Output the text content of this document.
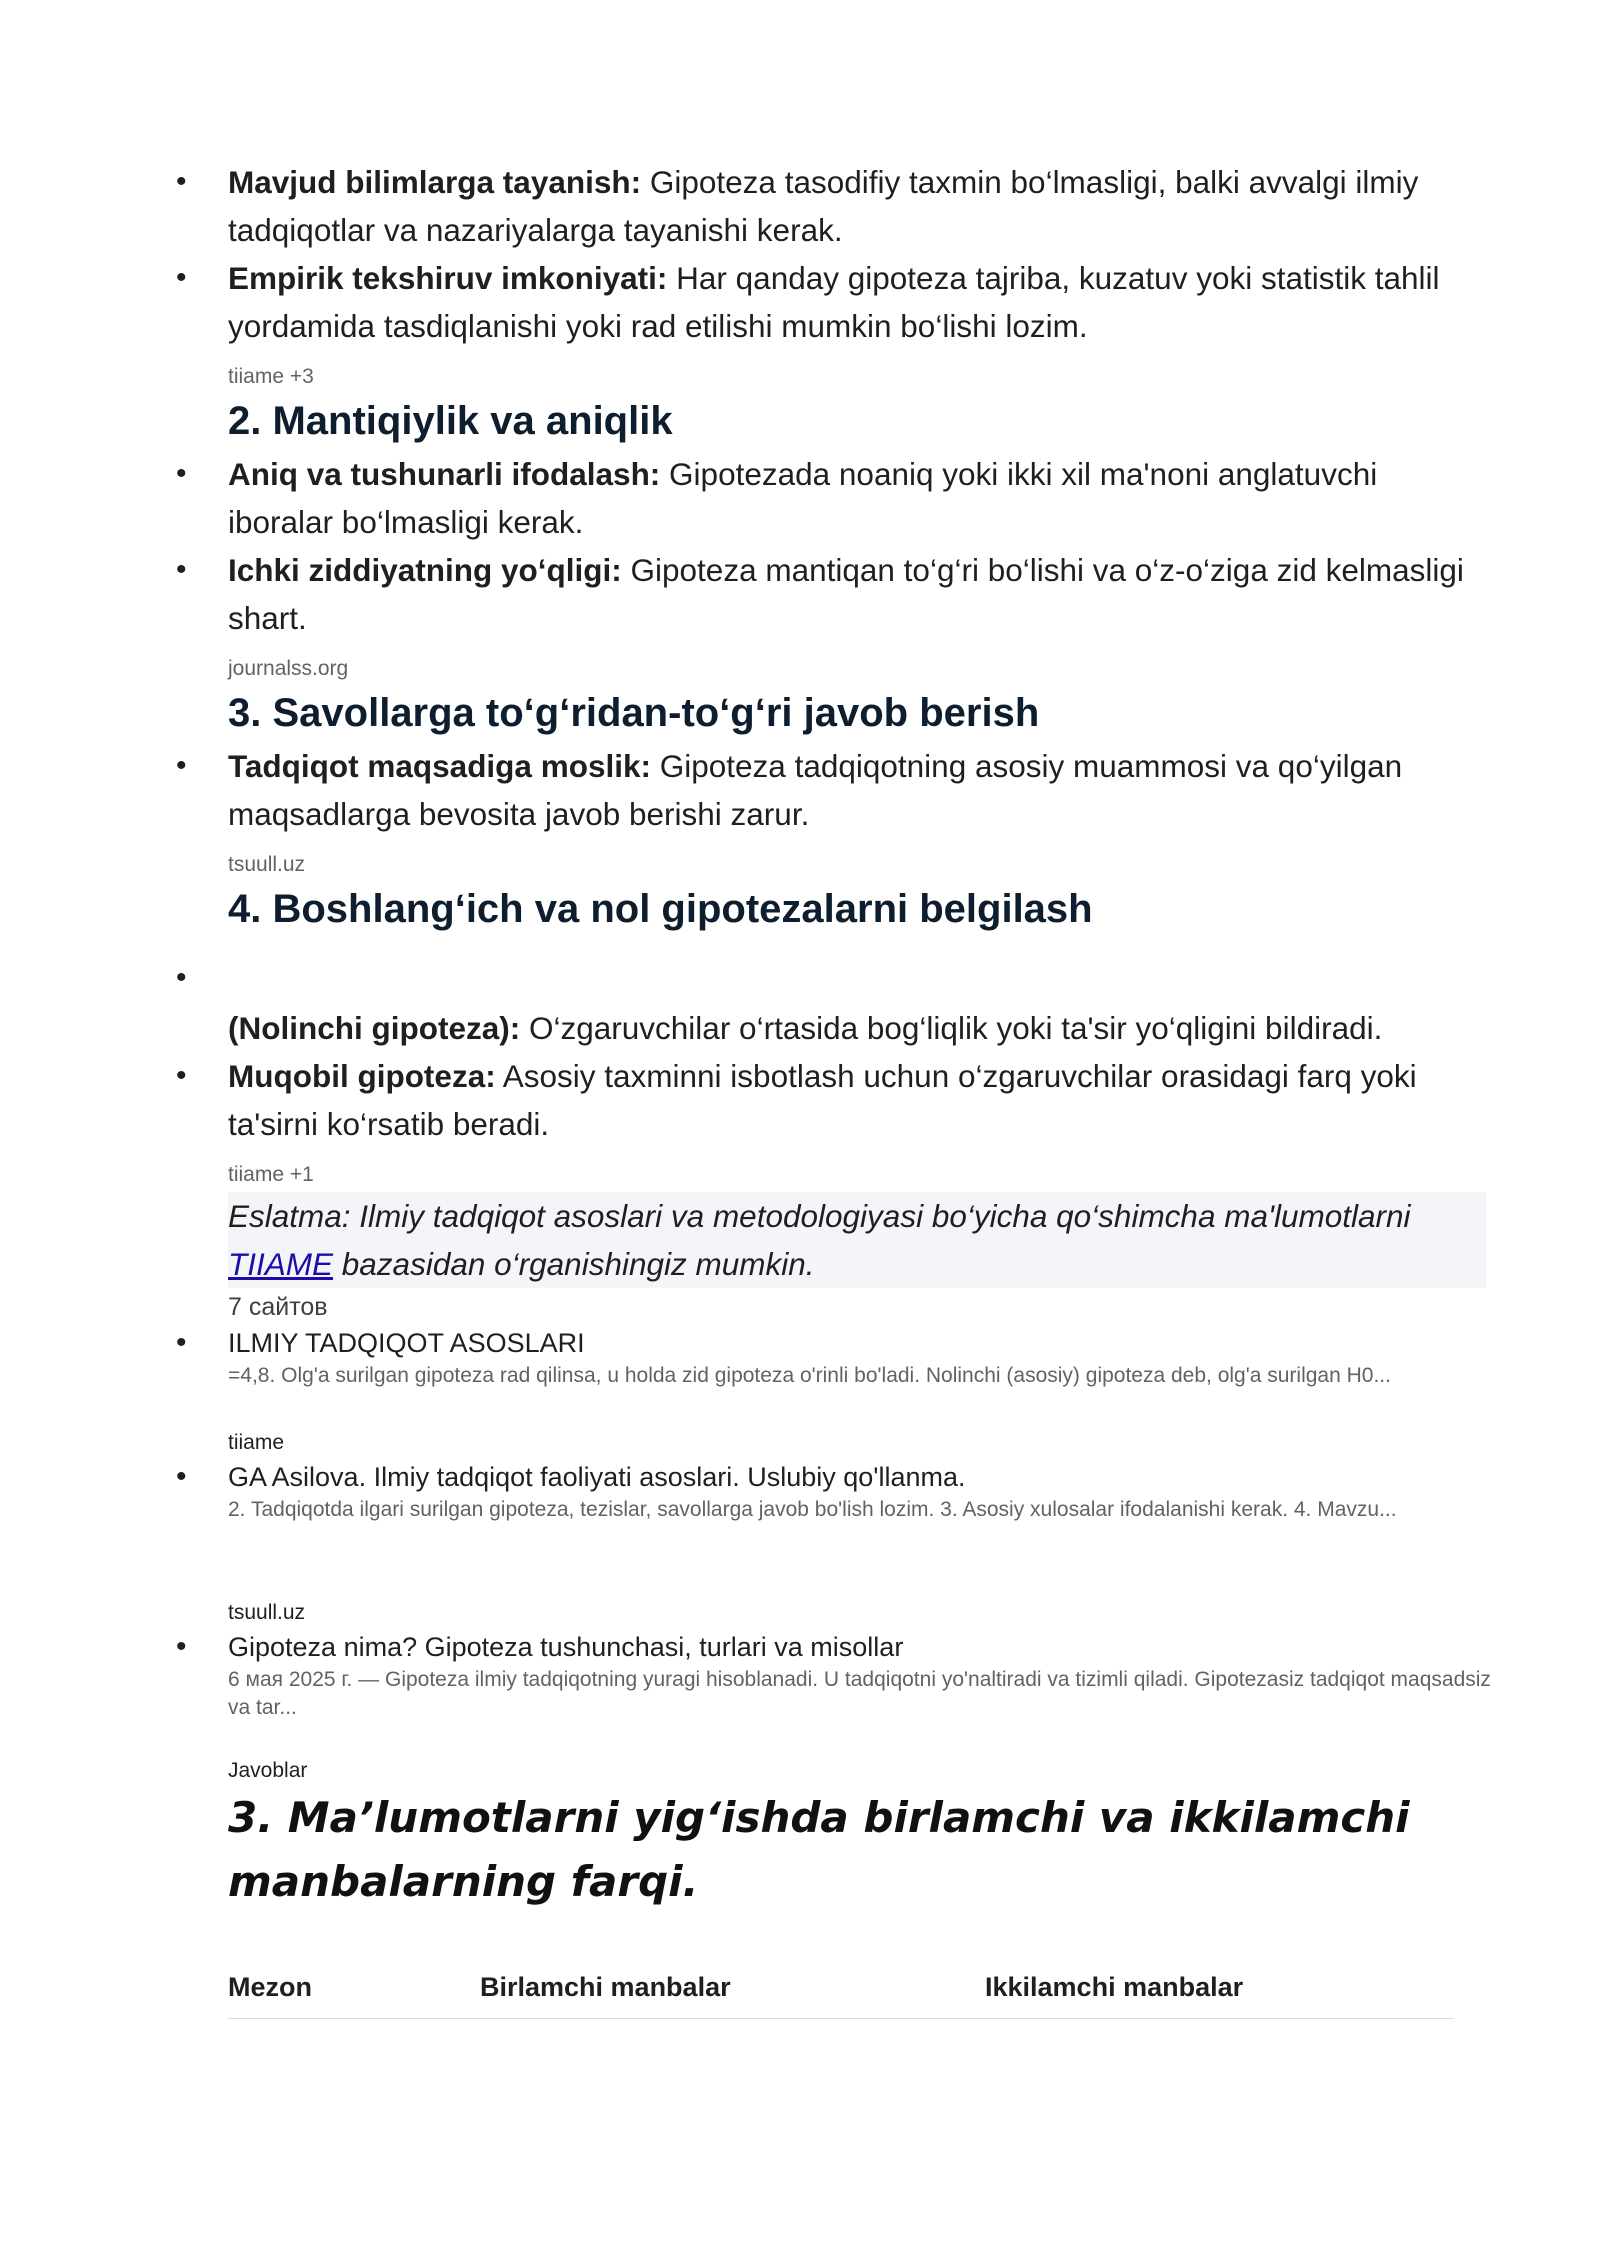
• Mavjud bilimlarga tayanish: Gipoteza tasodifiy taxmin bo‘lmasligi, balki avvalgi ilmiy tadqiqotlar va nazariyalarga tayanishi kerak.
• Empirik tekshiruv imkoniyati: Har qanday gipoteza tajriba, kuzatuv yoki statistik tahlil yordamida tasdiqlanishi yoki rad etilishi mumkin bo‘lishi lozim.
tiiame +3
2. Mantiqiylik va aniqlik
• Aniq va tushunarli ifodalash: Gipotezada noaniq yoki ikki xil ma'noni anglatuvchi iboralar bo‘lmasligi kerak.
• Ichki ziddiyatning yo‘qligi: Gipoteza mantiqan to‘g‘ri bo‘lishi va o‘z-o‘ziga zid kelmasligi shart.
journalss.org
3. Savollarga to‘g‘ridan-to‘g‘ri javob berish
• Tadqiqot maqsadiga moslik: Gipoteza tadqiqotning asosiy muammosi va qo‘yilgan maqsadlarga bevosita javob berishi zarur.
tsuull.uz
4. Boshlang‘ich va nol gipotezalarni belgilash
•
(Nolinchi gipoteza): O‘zgaruvchilar o‘rtasida bog‘liqlik yoki ta'sir yo‘qligini bildiradi.
• Muqobil gipoteza: Asosiy taxminni isbotlash uchun o‘zgaruvchilar orasidagi farq yoki ta'sirni ko‘rsatib beradi.
tiiame +1
Eslatma: Ilmiy tadqiqot asoslari va metodologiyasi bo‘yicha qo‘shimcha ma'lumotlarni TIIAME bazasidan o‘rganishingiz mumkin.
7 сайтов
• ILMIY TADQIQOT ASOSLARI
=4,8. Olg'a surilgan gipoteza rad qilinsa, u holda zid gipoteza o'rinli bo'ladi. Nolinchi (asosiy) gipoteza deb, olg'a surilgan H0...
tiiame
• GA Asilova. Ilmiy tadqiqot faoliyati asoslari. Uslubiy qo'llanma.
2. Tadqiqotda ilgari surilgan gipoteza, tezislar, savollarga javob bo'lish lozim. 3. Asosiy xulosalar ifodalanishi kerak. 4. Mavzu...
tsuull.uz
• Gipoteza nima? Gipoteza tushunchasi, turlari va misollar
6 мая 2025 г. — Gipoteza ilmiy tadqiqotning yuragi hisoblanadi. U tadqiqotni yo'naltiradi va tizimli qiladi. Gipotezasiz tadqiqot maqsadsiz va tar...
Javoblar
3. Ma’lumotlarni yig‘ishda birlamchi va ikkilamchi manbalarning farqi.
Mezon	Birlamchi manbalar	Ikkilamchi manbalar
